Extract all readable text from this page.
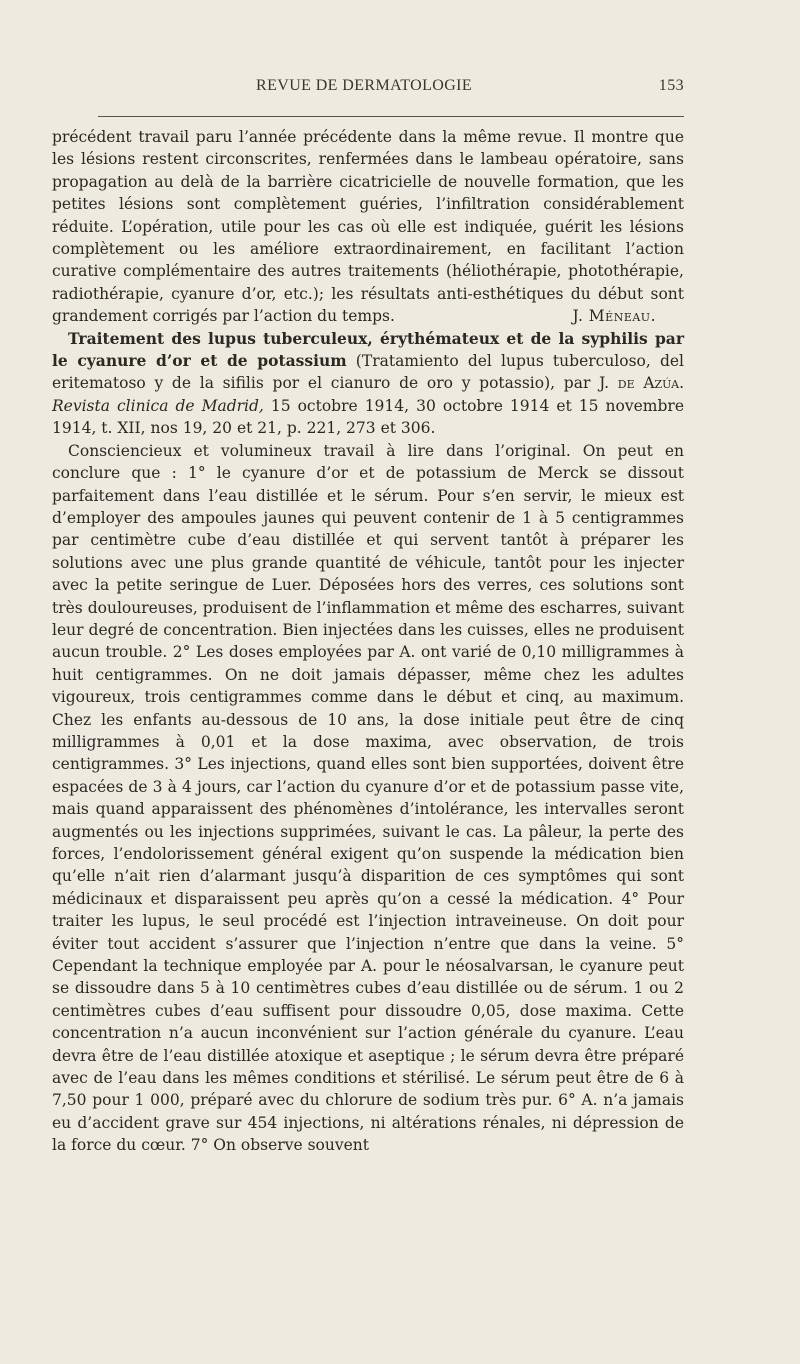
REVUE DE DERMATOLOGIE	153

précédent travail paru l’année précédente dans la même revue. Il montre que les lésions restent circonscrites, renfermées dans le lambeau opératoire, sans propagation au delà de la barrière cicatricielle de nouvelle formation, que les petites lésions sont complètement guéries, l’infiltration considérablement réduite. L’opération, utile pour les cas où elle est indiquée, guérit les lésions complètement ou les améliore extraordinairement, en facilitant l’action curative complémentaire des autres traitements (héliothérapie, photothérapie, radiothérapie, cyanure d’or, etc.); les résultats anti-esthétiques du début sont grandement corrigés par l’action du temps.	J. Méneau.

Traitement des lupus tuberculeux, érythémateux et de la syphilis par le cyanure d’or et de potassium (Tratamiento del lupus tuberculoso, del eritematoso y de la sifilis por el cianuro de oro y potassio), par J. de Azúa. Revista clinica de Madrid, 15 octobre 1914, 30 octobre 1914 et 15 novembre 1914, t. XII, nos 19, 20 et 21, p. 221, 273 et 306.

Consciencieux et volumineux travail à lire dans l’original. On peut en conclure que : 1° le cyanure d’or et de potassium de Merck se dissout parfaitement dans l’eau distillée et le sérum. Pour s’en servir, le mieux est d’employer des ampoules jaunes qui peuvent contenir de 1 à 5 centigrammes par centimètre cube d’eau distillée et qui servent tantôt à préparer les solutions avec une plus grande quantité de véhicule, tantôt pour les injecter avec la petite seringue de Luer. Déposées hors des verres, ces solutions sont très douloureuses, produisent de l’inflammation et même des escharres, suivant leur degré de concentration. Bien injectées dans les cuisses, elles ne produisent aucun trouble. 2° Les doses employées par A. ont varié de 0,10 milligrammes à huit centigrammes. On ne doit jamais dépasser, même chez les adultes vigoureux, trois centigrammes comme dans le début et cinq, au maximum. Chez les enfants au-dessous de 10 ans, la dose initiale peut être de cinq milligrammes à 0,01 et la dose maxima, avec observation, de trois centigrammes. 3° Les injections, quand elles sont bien supportées, doivent être espacées de 3 à 4 jours, car l’action du cyanure d’or et de potassium passe vite, mais quand apparaissent des phénomènes d’intolérance, les intervalles seront augmentés ou les injections supprimées, suivant le cas. La pâleur, la perte des forces, l’endolorissement général exigent qu’on suspende la médication bien qu’elle n’ait rien d’alarmant jusqu’à disparition de ces symptômes qui sont médicinaux et disparaissent peu après qu’on a cessé la médication. 4° Pour traiter les lupus, le seul procédé est l’injection intraveineuse. On doit pour éviter tout accident s’assurer que l’injection n’entre que dans la veine. 5° Cependant la technique employée par A. pour le néosalvarsan, le cyanure peut se dissoudre dans 5 à 10 centimètres cubes d’eau distillée ou de sérum. 1 ou 2 centimètres cubes d’eau suffisent pour dissoudre 0,05, dose maxima. Cette concentration n’a aucun inconvénient sur l’action générale du cyanure. L’eau devra être de l’eau distillée atoxique et aseptique ; le sérum devra être préparé avec de l’eau dans les mêmes conditions et stérilisé. Le sérum peut être de 6 à 7,50 pour 1 000, préparé avec du chlorure de sodium très pur. 6° A. n’a jamais eu d’accident grave sur 454 injections, ni altérations rénales, ni dépression de la force du cœur. 7° On observe souvent
